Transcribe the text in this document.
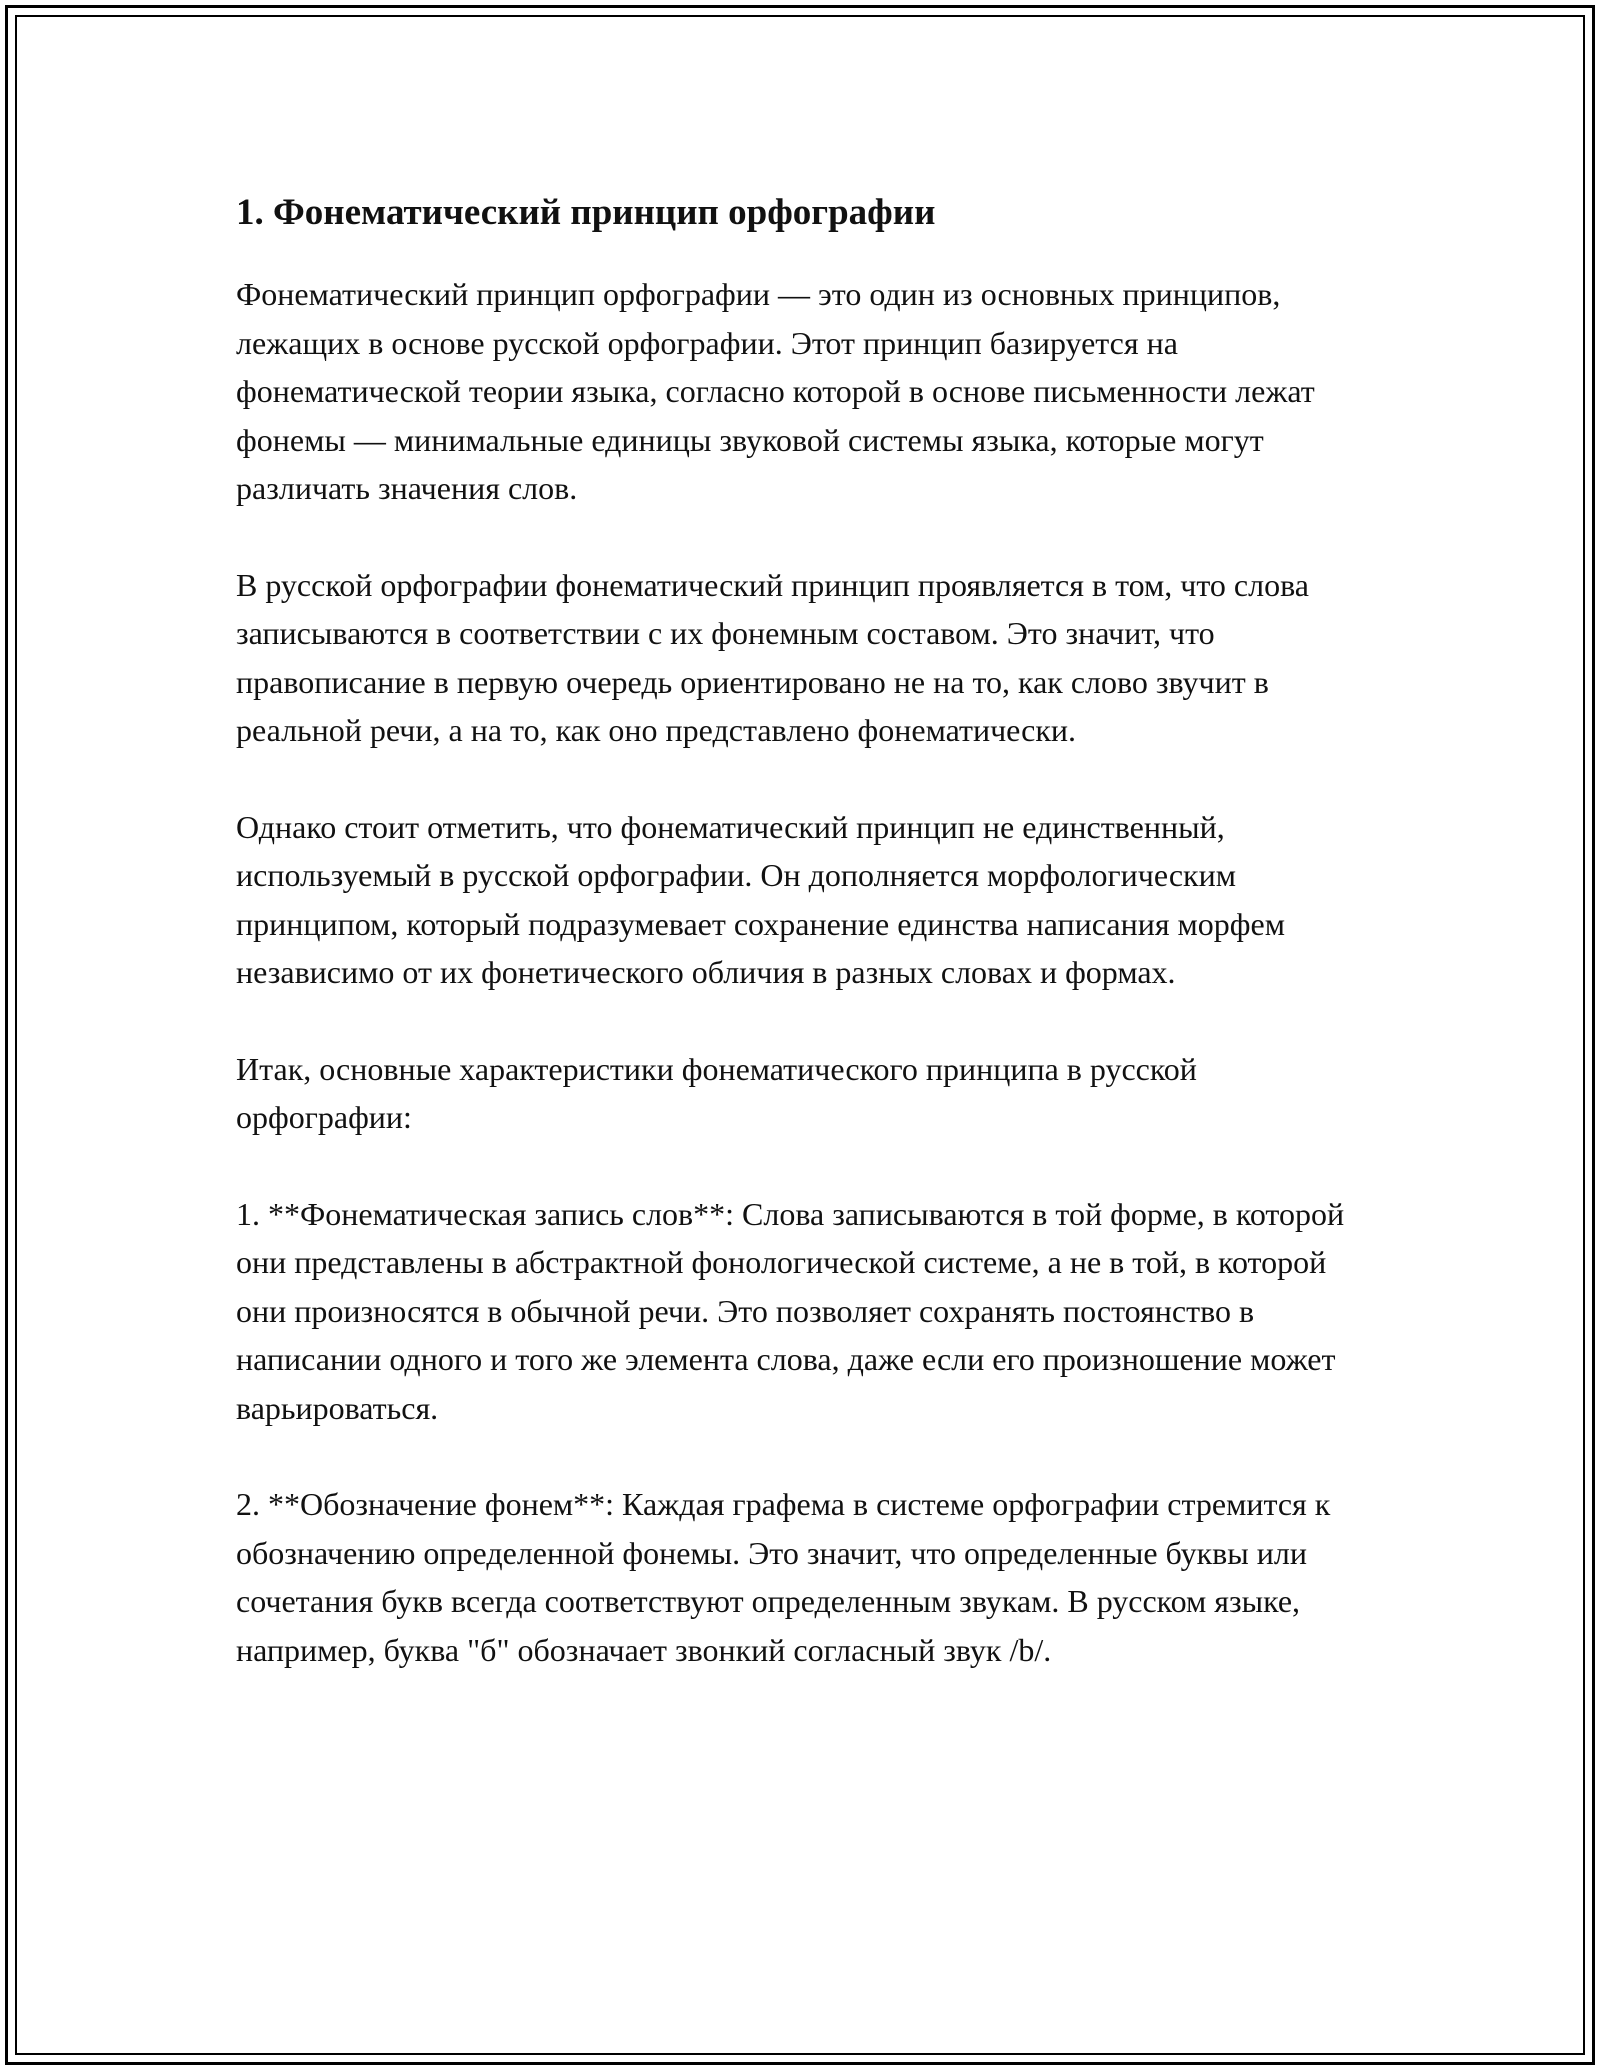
1. Фонематический принцип орфографии

Фонематический принцип орфографии — это один из основных принципов, лежащих в основе русской орфографии. Этот принцип базируется на фонематической теории языка, согласно которой в основе письменности лежат фонемы — минимальные единицы звуковой системы языка, которые могут различать значения слов.

В русской орфографии фонематический принцип проявляется в том, что слова записываются в соответствии с их фонемным составом. Это значит, что правописание в первую очередь ориентировано не на то, как слово звучит в реальной речи, а на то, как оно представлено фонематически.

Однако стоит отметить, что фонематический принцип не единственный, используемый в русской орфографии. Он дополняется морфологическим принципом, который подразумевает сохранение единства написания морфем независимо от их фонетического обличия в разных словах и формах.

Итак, основные характеристики фонематического принципа в русской орфографии:

1. **Фонематическая запись слов**: Слова записываются в той форме, в которой они представлены в абстрактной фонологической системе, а не в той, в которой они произносятся в обычной речи. Это позволяет сохранять постоянство в написании одного и того же элемента слова, даже если его произношение может варьироваться.

2. **Обозначение фонем**: Каждая графема в системе орфографии стремится к обозначению определенной фонемы. Это значит, что определенные буквы или сочетания букв всегда соответствуют определенным звукам. В русском языке, например, буква "б" обозначает звонкий согласный звук /b/.
